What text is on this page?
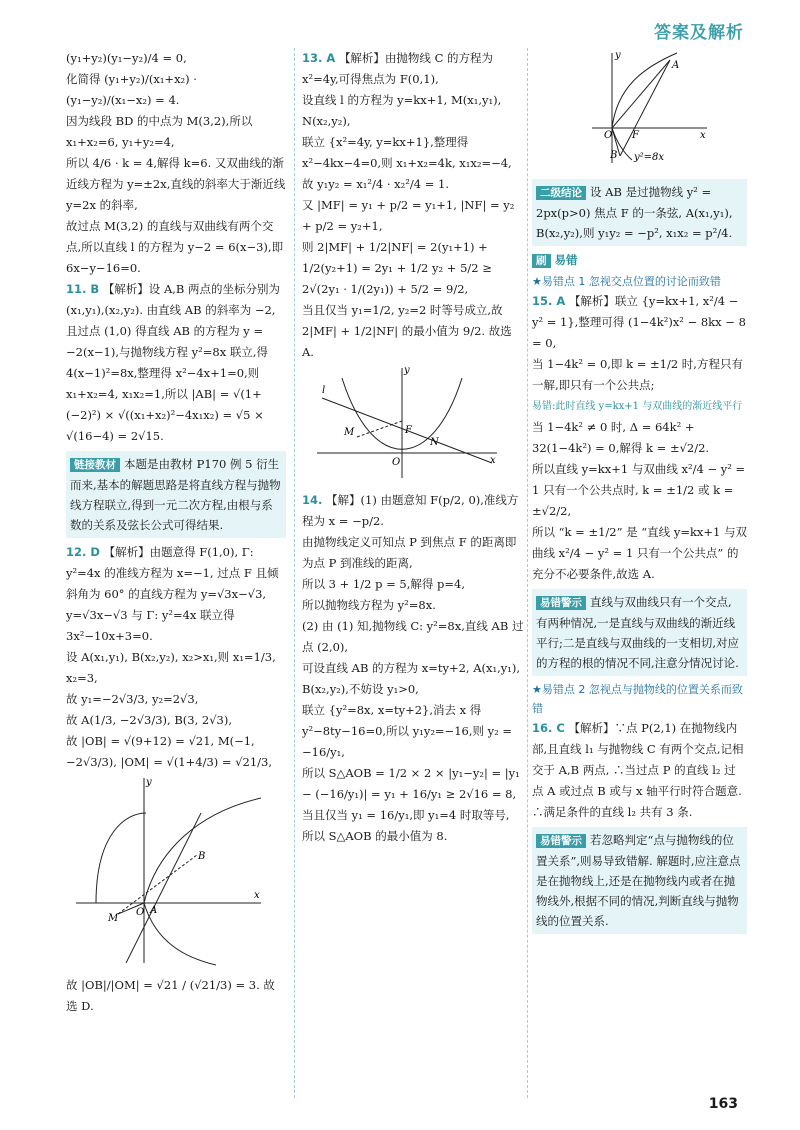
答案及解析

(y₁+y₂)(y₁−y₂)/4 = 0,

化简得 (y₁+y₂)/(x₁+x₂) · (y₁−y₂)/(x₁−x₂) = 4.

因为线段 BD 的中点为 M(3,2),所以 x₁+x₂=6, y₁+y₂=4,

所以 4/6 · k = 4,解得 k=6. 又双曲线的渐近线方程为 y=±2x,直线的斜率大于渐近线 y=2x 的斜率,

故过点 M(3,2) 的直线与双曲线有两个交点,所以直线 l 的方程为 y−2 = 6(x−3),即 6x−y−16=0.

11. B 【解析】设 A,B 两点的坐标分别为 (x₁,y₁),(x₂,y₂). 由直线 AB 的斜率为 −2,且过点 (1,0) 得直线 AB 的方程为 y = −2(x−1),与抛物线方程 y²=8x 联立,得 4(x−1)²=8x,整理得 x²−4x+1=0,则 x₁+x₂=4, x₁x₂=1,所以 |AB| = √(1+(−2)²) × √((x₁+x₂)²−4x₁x₂) = √5 × √(16−4) = 2√15.

链接教材 本题是由教材 P170 例 5 衍生而来,基本的解题思路是将直线方程与抛物线方程联立,得到一元二次方程,由根与系数的关系及弦长公式可得结果.

12. D 【解析】由题意得 F(1,0), Γ: y²=4x 的准线方程为 x=−1, 过点 F 且倾斜角为 60° 的直线方程为 y=√3x−√3,

y=√3x−√3 与 Γ: y²=4x 联立得 3x²−10x+3=0.

设 A(x₁,y₁), B(x₂,y₂), x₂>x₁,则 x₁=1/3, x₂=3,

故 y₁=−2√3/3, y₂=2√3,

故 A(1/3, −2√3/3), B(3, 2√3),

故 |OB| = √(9+12) = √21, M(−1, −2√3/3), |OM| = √(1+4/3) = √21/3,

y
x
B
A
M
O

故 |OB|/|OM| = √21 / (√21/3) = 3. 故选 D.

13. A 【解析】由抛物线 C 的方程为 x²=4y,可得焦点为 F(0,1),

设直线 l 的方程为 y=kx+1, M(x₁,y₁), N(x₂,y₂),

联立 {x²=4y, y=kx+1},整理得 x²−4kx−4=0,则 x₁+x₂=4k, x₁x₂=−4,

故 y₁y₂ = x₁²/4 · x₂²/4 = 1.

又 |MF| = y₁ + p/2 = y₁+1, |NF| = y₂ + p/2 = y₂+1,

则 2|MF| + 1/2|NF| = 2(y₁+1) + 1/2(y₂+1) = 2y₁ + 1/2 y₂ + 5/2 ≥ 2√(2y₁ · 1/(2y₁)) + 5/2 = 9/2,

当且仅当 y₁=1/2, y₂=2 时等号成立,故 2|MF| + 1/2|NF| 的最小值为 9/2. 故选 A.

y
x
l
M	F
N
O

14. 【解】(1) 由题意知 F(p/2, 0),准线方程为 x = −p/2.

由抛物线定义可知点 P 到焦点 F 的距离即为点 P 到准线的距离,

所以 3 + 1/2 p = 5,解得 p=4,

所以抛物线方程为 y²=8x.

(2) 由 (1) 知,抛物线 C: y²=8x,直线 AB 过点 (2,0),

可设直线 AB 的方程为 x=ty+2, A(x₁,y₁), B(x₂,y₂),不妨设 y₁>0,

联立 {y²=8x, x=ty+2},消去 x 得 y²−8ty−16=0,所以 y₁y₂=−16,则 y₂ = −16/y₁,

所以 S△AOB = 1/2 × 2 × |y₁−y₂| = |y₁ − (−16/y₁)| = y₁ + 16/y₁ ≥ 2√16 = 8,当且仅当 y₁ = 16/y₁,即 y₁=4 时取等号,

所以 S△AOB 的最小值为 8.

y
x
A
O F
B y²=8x
二级结论 设 AB 是过抛物线 y² = 2px(p>0) 焦点 F 的一条弦, A(x₁,y₁), B(x₂,y₂),则 y₁y₂ = −p², x₁x₂ = p²/4.

刷 易错

★易错点 1 忽视交点位置的讨论而致错

15. A 【解析】联立 {y=kx+1, x²/4 − y² = 1},整理可得 (1−4k²)x² − 8kx − 8 = 0,

当 1−4k² = 0,即 k = ±1/2 时,方程只有一解,即只有一个公共点;

易错:此时直线 y=kx+1 与双曲线的渐近线平行

当 1−4k² ≠ 0 时, Δ = 64k² + 32(1−4k²) = 0,解得 k = ±√2/2.

所以直线 y=kx+1 与双曲线 x²/4 − y² = 1 只有一个公共点时, k = ±1/2 或 k = ±√2/2,

所以 “k = ±1/2” 是 “直线 y=kx+1 与双曲线 x²/4 − y² = 1 只有一个公共点” 的充分不必要条件,故选 A.

易错警示 直线与双曲线只有一个交点,有两种情况,一是直线与双曲线的渐近线平行;二是直线与双曲线的一支相切,对应的方程的根的情况不同,注意分情况讨论.

★易错点 2 忽视点与抛物线的位置关系而致错

16. C 【解析】∵点 P(2,1) 在抛物线内部,且直线 l₁ 与抛物线 C 有两个交点,记相交于 A,B 两点, ∴当过点 P 的直线 l₂ 过点 A 或过点 B 或与 x 轴平行时符合题意. ∴满足条件的直线 l₂ 共有 3 条.

易错警示 若忽略判定“点与抛物线的位置关系”,则易导致错解. 解题时,应注意点是在抛物线上,还是在抛物线内或者在抛物线外,根据不同的情况,判断直线与抛物线的位置关系.
163
